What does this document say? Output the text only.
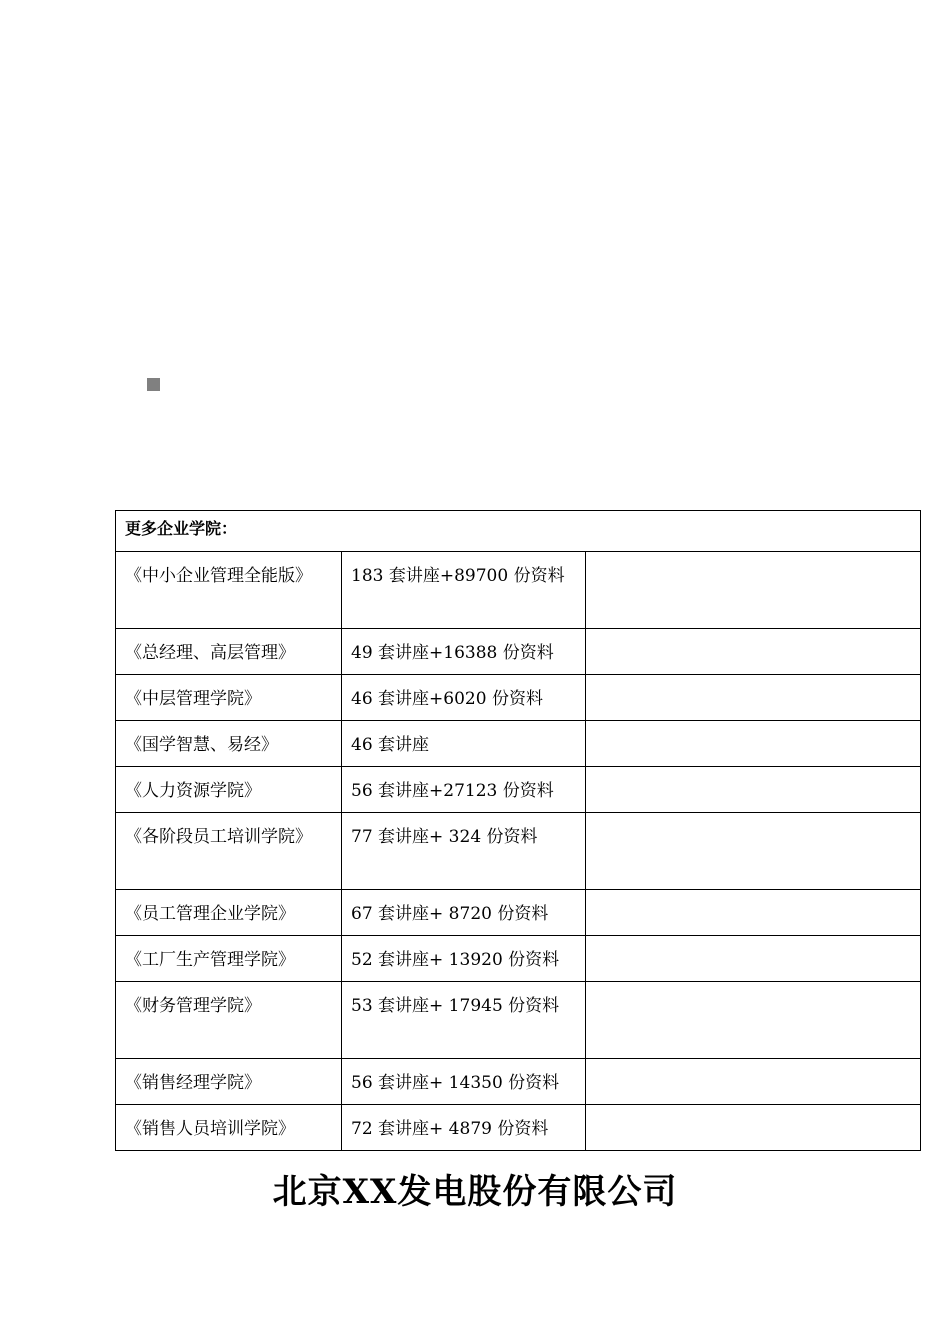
更多企业学院：		
《中小企业管理全能版》	183 套讲座+89700 份资料	
《总经理、高层管理》	49 套讲座+16388 份资料	
《中层管理学院》	46 套讲座+6020 份资料	
《国学智慧、易经》	46 套讲座	
《人力资源学院》	56 套讲座+27123 份资料	
《各阶段员工培训学院》	77 套讲座+ 324 份资料	
《员工管理企业学院》	67 套讲座+ 8720 份资料	
《工厂生产管理学院》	52 套讲座+ 13920 份资料	
《财务管理学院》	53 套讲座+ 17945 份资料	
《销售经理学院》	56 套讲座+ 14350 份资料	
《销售人员培训学院》	72 套讲座+ 4879 份资料	
北京XX发电股份有限公司
